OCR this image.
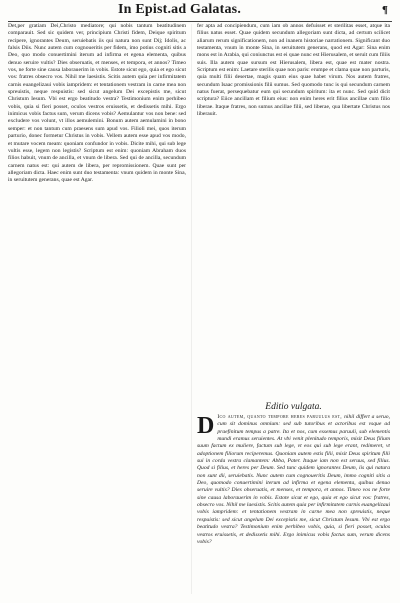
In Epist.ad Galatas.	¶

Det,per gratiam Dei,Christo mediatore; qui nobis tantum beatitudinem comparauit. Sed sic quidem ver, principium Christi fidem, Deique spiritum recipere, ignorantes Deum, seruiebatis iis qui natura non sunt Dij; Idolis, ac falsis Diis. Nunc autem cum cognoueritis per fidem, imo potius cogniti sitis a Deo, quo modo conuertimini iterum ad infirma et egena elementa, quibus denuo seruire vultis? Dies obseruatis, et menses, et tempora, et annos? Timeo vos, ne forte sine causa laborauerim in vobis. Estote sicut ego, quia et ego sicut vos: fratres obsecro vos. Nihil me laesistis. Scitis autem quia per infirmitatem carnis euangelizaui vobis iampridem: et tentationem vestram in carne mea non spreuistis, neque respuistis: sed sicut angelum Dei excepistis me, sicut Christum Iesum. Vbi est ergo beatitudo vestra? Testimonium enim perhibeo vobis, quia si fieri posset, oculos vestros eruissetis, et dedissetis mihi. Ergo inimicus vobis factus sum, verum dicens vobis? Aemulantur vos non bene: sed excludere vos volunt, vt illos aemulemini. Bonum autem aemulamini in bono semper: et non tantum cum praesens sum apud vos. Filioli mei, quos iterum parturio, donec formetur Christus in vobis. Vellem autem esse apud vos modo, et mutare vocem meam: quoniam confundor in vobis. Dicite mihi, qui sub lege vultis esse, legem non legistis? Scriptum est enim: quoniam Abraham duos filios habuit, vnum de ancilla, et vnum de libera. Sed qui de ancilla, secundum carnem natus est: qui autem de libera, per repromissionem. Quae sunt per allegoriam dicta. Haec enim sunt duo testamenta: vnum quidem in monte Sina, in seruitutem generans, quae est Agar.

fer apta ad concipiendum, cum iam ob annos defuisset et sterilitas esset, atque ita filius natus esset. Quae quidem secundum allegoriam sunt dicta, ad certum scilicet aliarum rerum significationem, non ad inanem historiae narrationem. Significant duo testamenta, vnum in monte Sina, in seruitutem generans, quod est Agar: Sina enim mons est in Arabia, qui coniunctus est ei quae nunc est Hierusalem, et seruit cum filiis suis. Illa autem quae sursum est Hierusalem, libera est, quae est mater nostra. Scriptum est enim: Laetare sterilis quae non paris: erumpe et clama quae non parturis, quia multi filii desertae, magis quam eius quae habet virum. Nos autem fratres, secundum Isaac promissionis filii sumus. Sed quomodo tunc is qui secundum carnem natus fuerat, persequebatur eum qui secundum spiritum: ita et nunc. Sed quid dicit scriptura? Eiice ancillam et filium eius: non enim heres erit filius ancillae cum filio liberae. Itaque fratres, non sumus ancillae filii, sed liberae, qua libertate Christus nos liberauit.

Editio vulgata.
D Ico autem, quanto tempore heres paruulus est, nihil differt a seruo, cum sit dominus omnium: sed sub tutoribus et actoribus est vsque ad praefinitum tempus a patre. Ita et nos, cum essemus paruuli, sub elementis mundi eramus seruientes. At vbi venit plenitudo temporis, misit Deus filium suum factum ex muliere, factum sub lege, vt eos qui sub lege erant, redimeret, vt adoptionem filiorum reciperemus. Quoniam autem estis filii, misit Deus spiritum filii sui in corda vestra clamantem: Abba, Pater. Itaque iam non est seruus, sed filius. Quod si filius, et heres per Deum. Sed tunc quidem ignorantes Deum, iis qui natura non sunt dii, seruiebatis. Nunc autem cum cognoueritis Deum, immo cogniti sitis a Deo, quomodo conuertimini iterum ad infirma et egena elementa, quibus denuo seruire vultis? Dies obseruatis, et menses, et tempora, et annos. Timeo vos ne forte sine causa laborauerim in vobis. Estote sicut et ego, quia et ego sicut vos: fratres, obsecro vos. Nihil me laesistis. Scitis autem quia per infirmitatem carnis euangelizaui vobis iampridem: et tentationem vestram in carne mea non spreuistis, neque respuistis: sed sicut angelum Dei excepistis me, sicut Christum Iesum. Vbi est ergo beatitudo vestra? Testimonium enim perhibeo vobis, quia, si fieri posset, oculos vestros eruissetis, et dedissetis mihi. Ergo inimicus vobis factus sum, verum dicens vobis?
